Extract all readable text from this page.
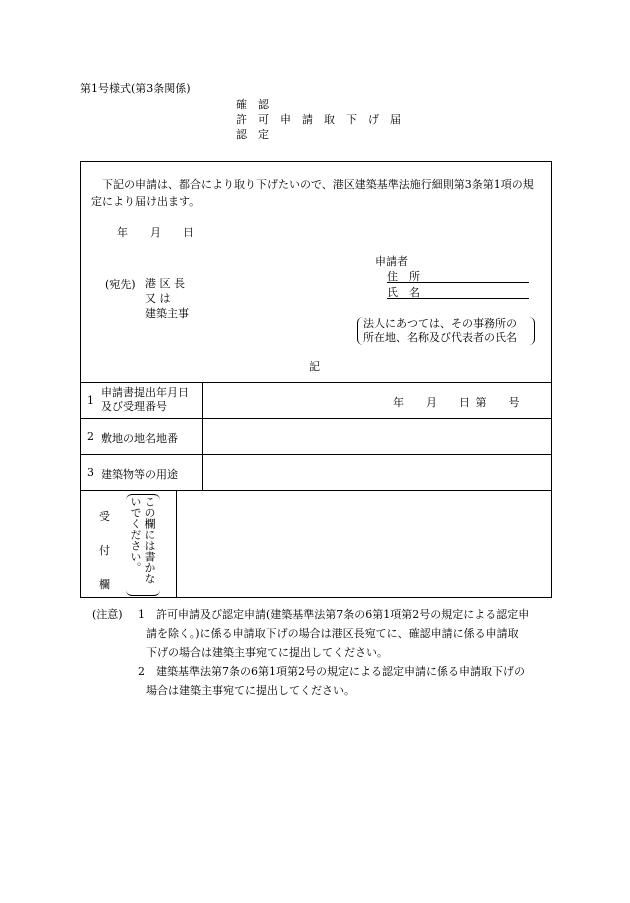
第1号様式(第3条関係)
確　認
許　可　申　請　取　下　げ　届
認　定
　下記の申請は、都合により取り下げたいので、港区建築基準法施行細則第3条第1項の規定により届け出ます。
年　　月　　日
(宛先) 港 区 長
又 は
建築主事
申請者
住　所
氏　名
法人にあつては、その事務所の
所在地、名称及び代表者の氏名
記
1
申請書提出年月日
及び受理番号	年　　月　　日 第　　号
2 敷地の地名地番
3 建築物等の用途
受
付
欄
この欄には書かな
いでください。
(注意) 1 許可申請及び認定申請(建築基準法第7条の6第1項第2号の規定による認定申
請を除く。)に係る申請取下げの場合は港区長宛てに、確認申請に係る申請取
下げの場合は建築主事宛てに提出してください。
2 建築基準法第7条の6第1項第2号の規定による認定申請に係る申請取下げの
場合は建築主事宛てに提出してください。
